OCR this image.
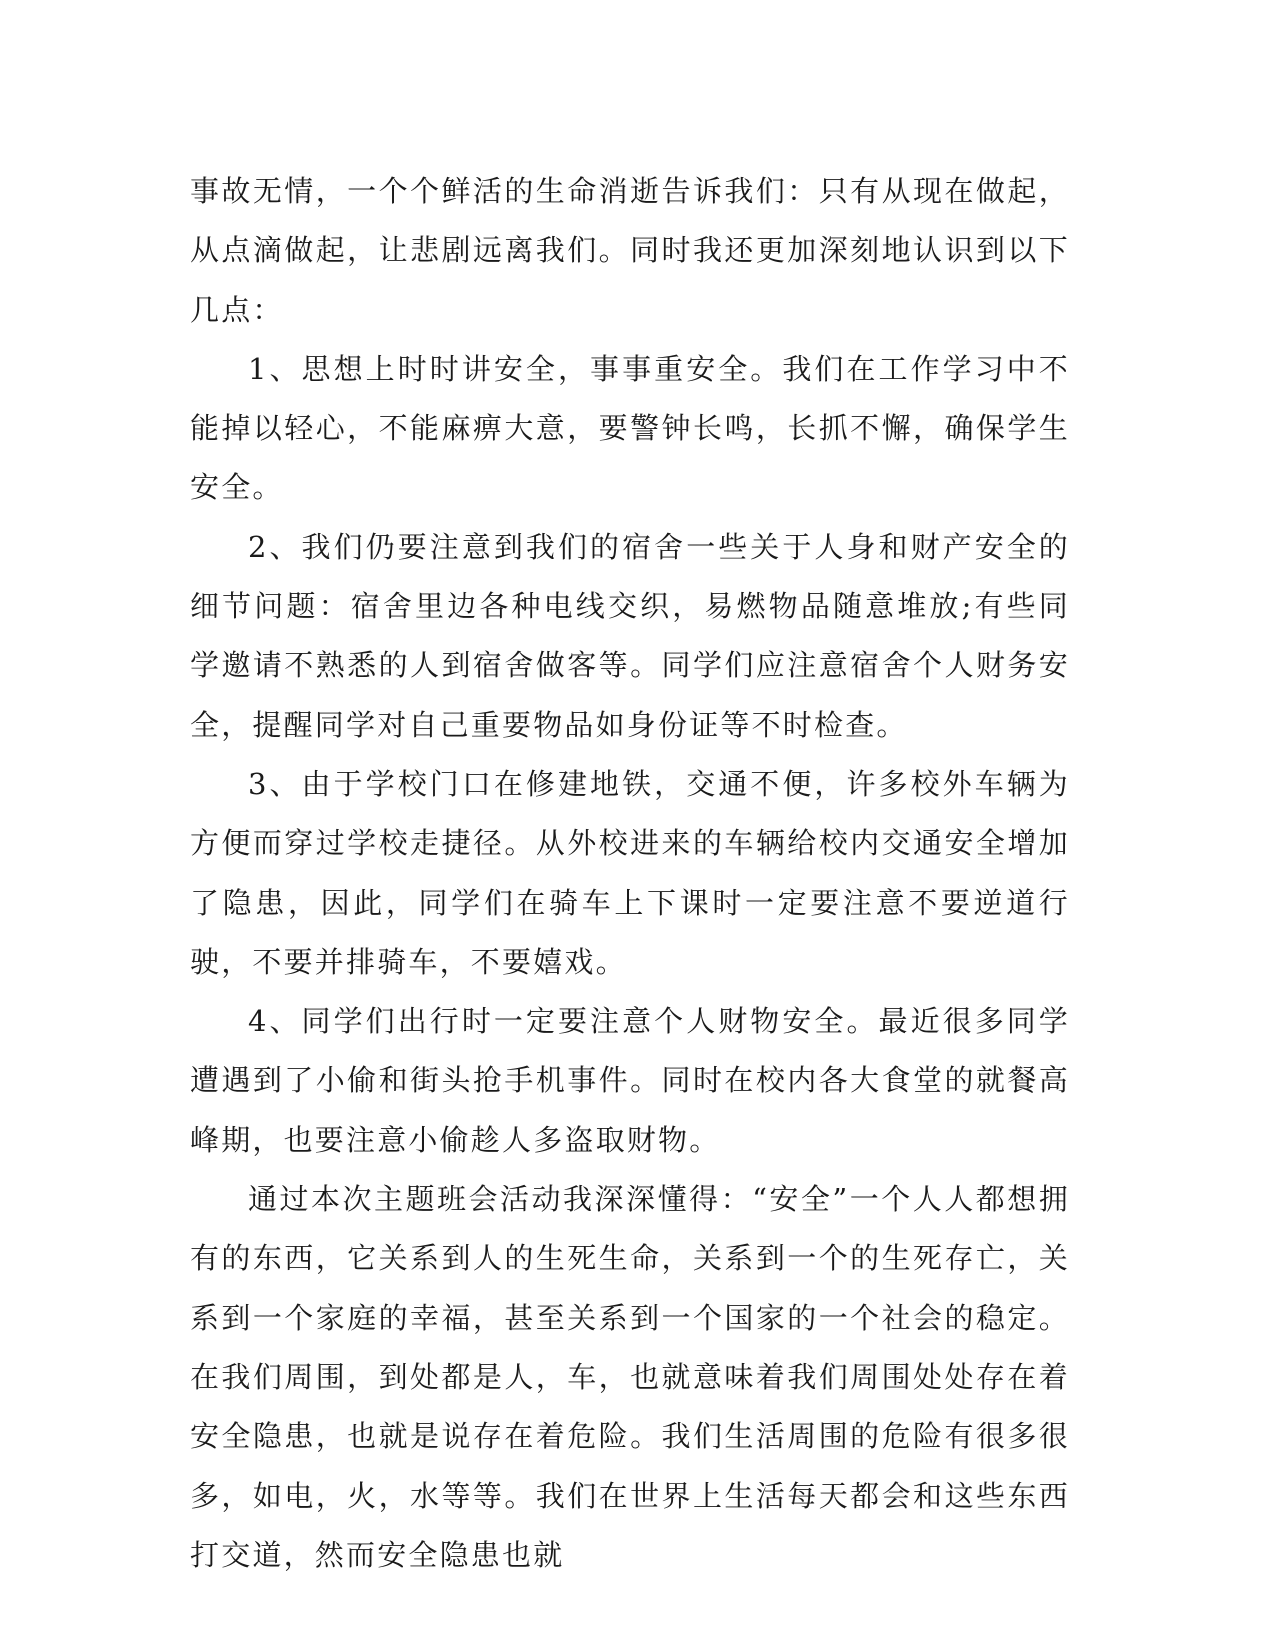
事故无情，一个个鲜活的生命消逝告诉我们：只有从现在做起，从点滴做起，让悲剧远离我们。同时我还更加深刻地认识到以下几点：

1、思想上时时讲安全，事事重安全。我们在工作学习中不能掉以轻心，不能麻痹大意，要警钟长鸣，长抓不懈，确保学生安全。

2、我们仍要注意到我们的宿舍一些关于人身和财产安全的细节问题：宿舍里边各种电线交织，易燃物品随意堆放;有些同学邀请不熟悉的人到宿舍做客等。同学们应注意宿舍个人财务安全，提醒同学对自己重要物品如身份证等不时检查。

3、由于学校门口在修建地铁，交通不便，许多校外车辆为方便而穿过学校走捷径。从外校进来的车辆给校内交通安全增加了隐患，因此，同学们在骑车上下课时一定要注意不要逆道行驶，不要并排骑车，不要嬉戏。

4、同学们出行时一定要注意个人财物安全。最近很多同学遭遇到了小偷和街头抢手机事件。同时在校内各大食堂的就餐高峰期，也要注意小偷趁人多盗取财物。

通过本次主题班会活动我深深懂得：“安全”一个人人都想拥有的东西，它关系到人的生死生命，关系到一个的生死存亡，关系到一个家庭的幸福，甚至关系到一个国家的一个社会的稳定。在我们周围，到处都是人，车，也就意味着我们周围处处存在着安全隐患，也就是说存在着危险。我们生活周围的危险有很多很多，如电，火，水等等。我们在世界上生活每天都会和这些东西打交道，然而安全隐患也就
